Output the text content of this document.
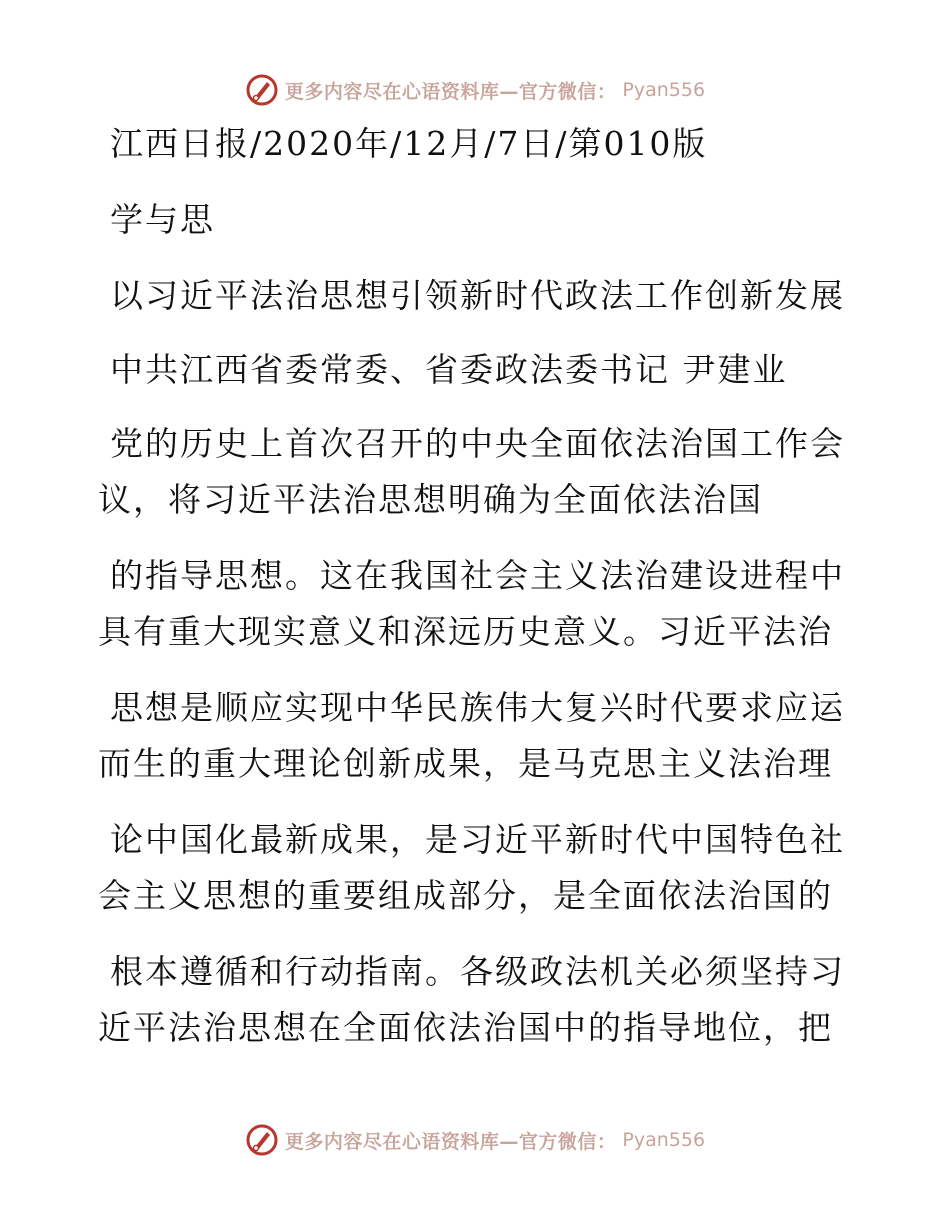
更多内容尽在心语资料库—官方微信： Pyan556
江西日报/2020年/12月/7日/第010版
学与思
以习近平法治思想引领新时代政法工作创新发展
中共江西省委常委、省委政法委书记 尹建业
党的历史上首次召开的中央全面依法治国工作会
议，将习近平法治思想明确为全面依法治国
的指导思想。这在我国社会主义法治建设进程中
具有重大现实意义和深远历史意义。习近平法治
思想是顺应实现中华民族伟大复兴时代要求应运
而生的重大理论创新成果，是马克思主义法治理
论中国化最新成果，是习近平新时代中国特色社
会主义思想的重要组成部分，是全面依法治国的
根本遵循和行动指南。各级政法机关必须坚持习
近平法治思想在全面依法治国中的指导地位，把
更多内容尽在心语资料库—官方微信： Pyan556
